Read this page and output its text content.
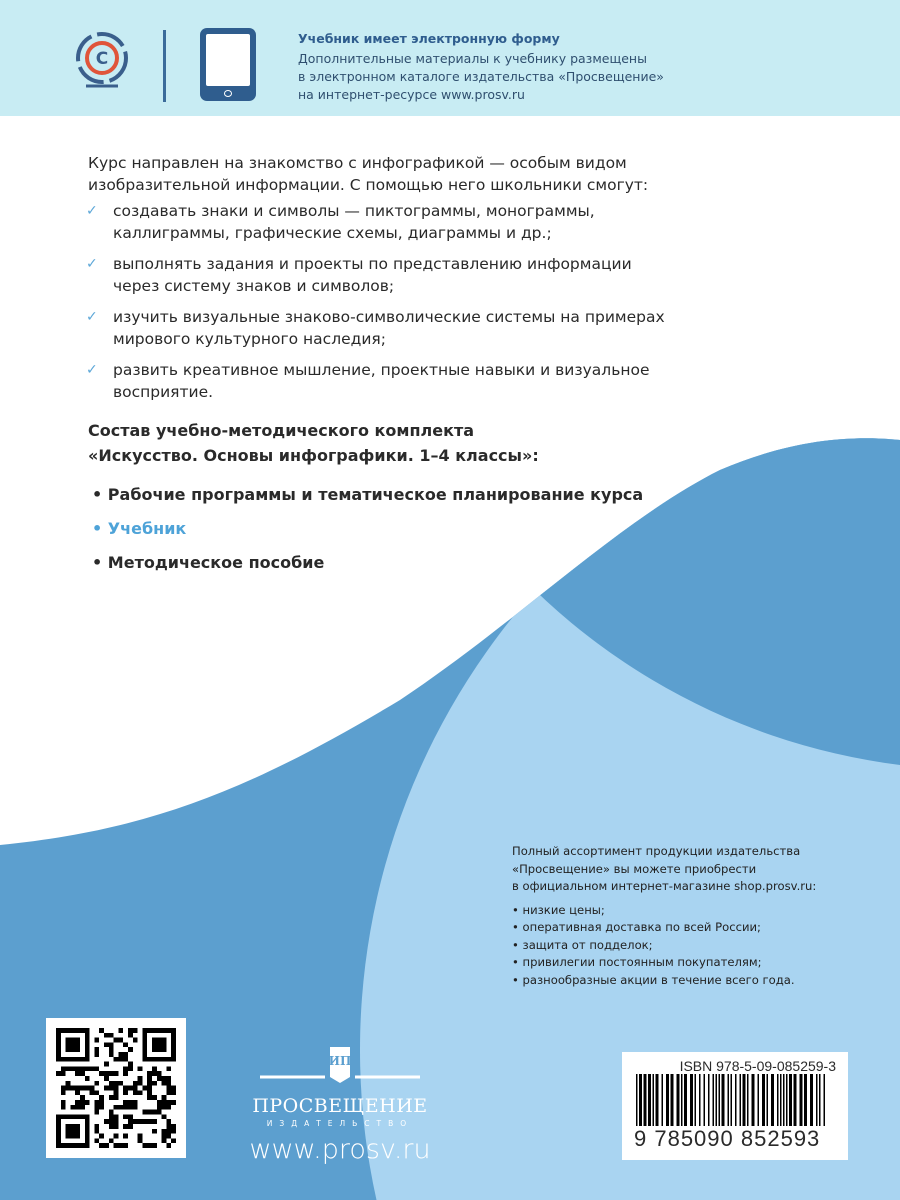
C
Учебник имеет электронную форму
Дополнительные материалы к учебнику размещены
в электронном каталоге издательства «Просвещение»
на интернет-ресурсе www.prosv.ru

Курс направлен на знакомство с инфографикой — особым видом изобразительной информации. С помощью него школьники смогут:

✓ создавать знаки и символы — пиктограммы, монограммы, каллиграммы, графические схемы, диаграммы и др.;
✓ выполнять задания и проекты по представлению информации через систему знаков и символов;
✓ изучить визуальные знаково-символические системы на примерах мирового культурного наследия;
✓ развить креативное мышление, проектные навыки и визуальное восприятие.
Состав учебно-методического комплекта
«Искусство. Основы инфографики. 1–4 классы»:
• Рабочие программы и тематическое планирование курса
• Учебник
• Методическое пособие
Полный ассортимент продукции издательства
«Просвещение» вы можете приобрести
в официальном интернет-магазине shop.prosv.ru:
• низкие цены;
• оперативная доставка по всей России;
• защита от подделок;
• привилегии постоянным покупателям;
• разнообразные акции в течение всего года.
ИП
ПРОСВЕЩЕНИЕ
ИЗДАТЕЛЬСТВО
www.prosv.ru
ISBN 978-5-09-085259-3
9 785090 852593
